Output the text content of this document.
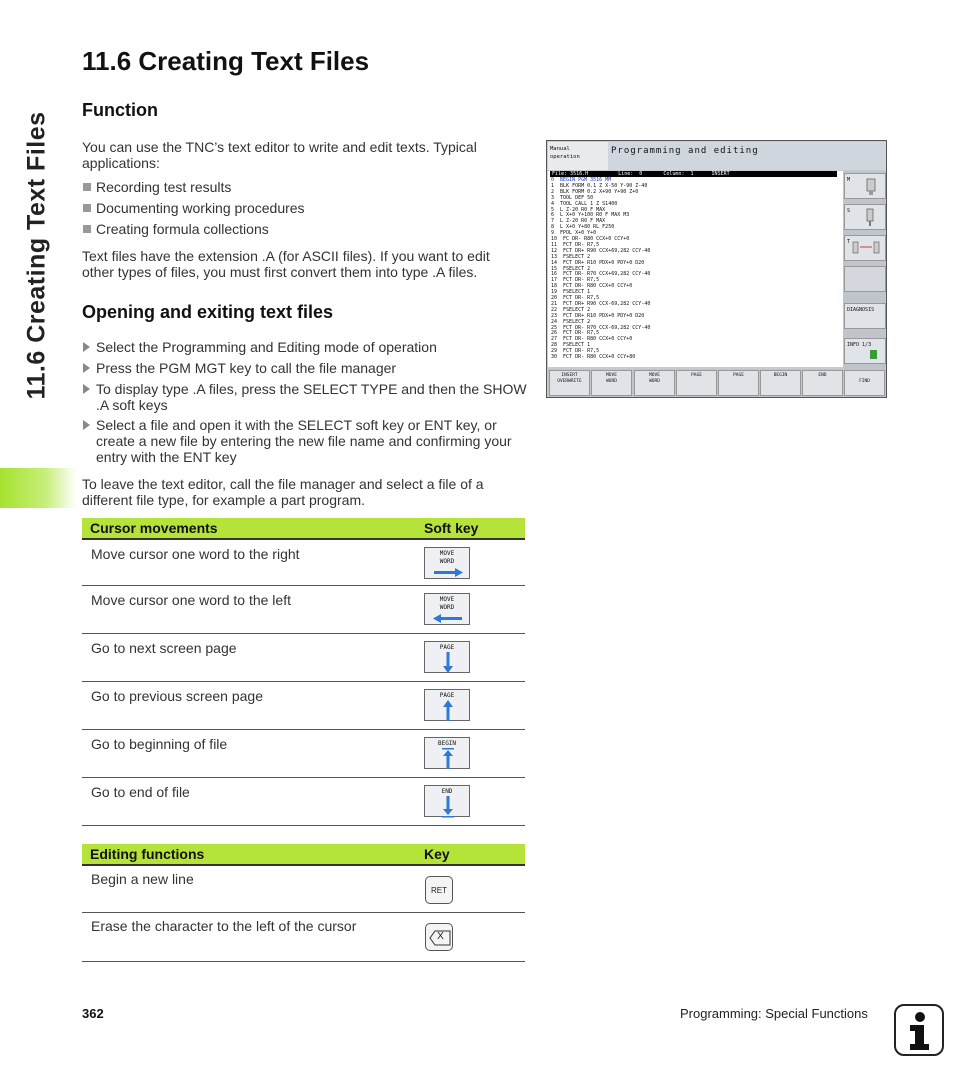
11.6 Creating Text Files
11.6 Creating Text Files
Function

You can use the TNC’s text editor to write and edit texts. Typical applications:

Recording test results
Documenting working procedures
Creating formula collections

Text files have the extension .A (for ASCII files). If you want to edit other types of files, you must first convert them into type .A files.

Opening and exiting text files
Select the Programming and Editing mode of operation
Press the PGM MGT key to call the file manager
To display type .A files, press the SELECT TYPE and then the SHOW .A soft keys
Select a file and open it with the SELECT soft key or ENT key, or create a new file by entering the new file name and confirming your entry with the ENT key

To leave the text editor, call the file manager and select a file of a different file type, for example a part program.

Cursor movements	Soft key
Move cursor one word to the right	MOVE
WORD

Move cursor one word to the left	MOVE
WORD

Go to next screen page	PAGE

Go to previous screen page	PAGE

Go to beginning of file	BEGIN

Go to end of file	END
Editing functions	Key
Begin a new line	RET

Erase the character to the left of the cursor	X
Manual
operation
Programming and editing
File: 3516.H          Line:  0       Column:  1      INSERT
0  BEGIN PGM 3516 MM
1  BLK FORM 0.1 Z X-50 Y-90 Z-40
2  BLK FORM 0.2 X+90 Y+90 Z+0
3  TOOL DEF 50
4  TOOL CALL 1 Z S1400
5  L Z-20 R0 F MAX
6  L X+0 Y+100 R0 F MAX M3
7  L Z-20 R0 F MAX
8  L X+0 Y+80 RL F250
9  FPOL X+0 Y+0
10  FC DR- R80 CCX+0 CCY+0
11  FCT DR- R7,5
12  FCT DR+ R90 CCX+69,282 CCY-40
13  FSELECT 2
14  FCT DR+ R10 PDX+0 PDY+0 D20
15  FSELECT 2
16  FCT DR- R70 CCX+69,282 CCY-40
17  FCT DR- R7,5
18  FCT DR- R80 CCX+0 CCY+0
19  FSELECT 1
20  FCT DR- R7,5
21  FCT DR+ R90 CCX-69,282 CCY-40
22  FSELECT 2
23  FCT DR+ R10 PDX+0 PDY+0 D20
24  FSELECT 2
25  FCT DR- R70 CCX-69,282 CCY-40
26  FCT DR- R7,5
27  FCT DR- R80 CCX+0 CCY+0
28  FSELECT 1
29  FCT DR- R7,5
30  FCT DR- R80 CCX+0 CCY+80
M
S
T
DIAGNOSIS
INFO 1/3
INSERT
OVERWRITE
MOVE
WORD
MOVE
WORD
PAGE	PAGE	BEGIN	END
FIND
362	Programming: Special Functions
